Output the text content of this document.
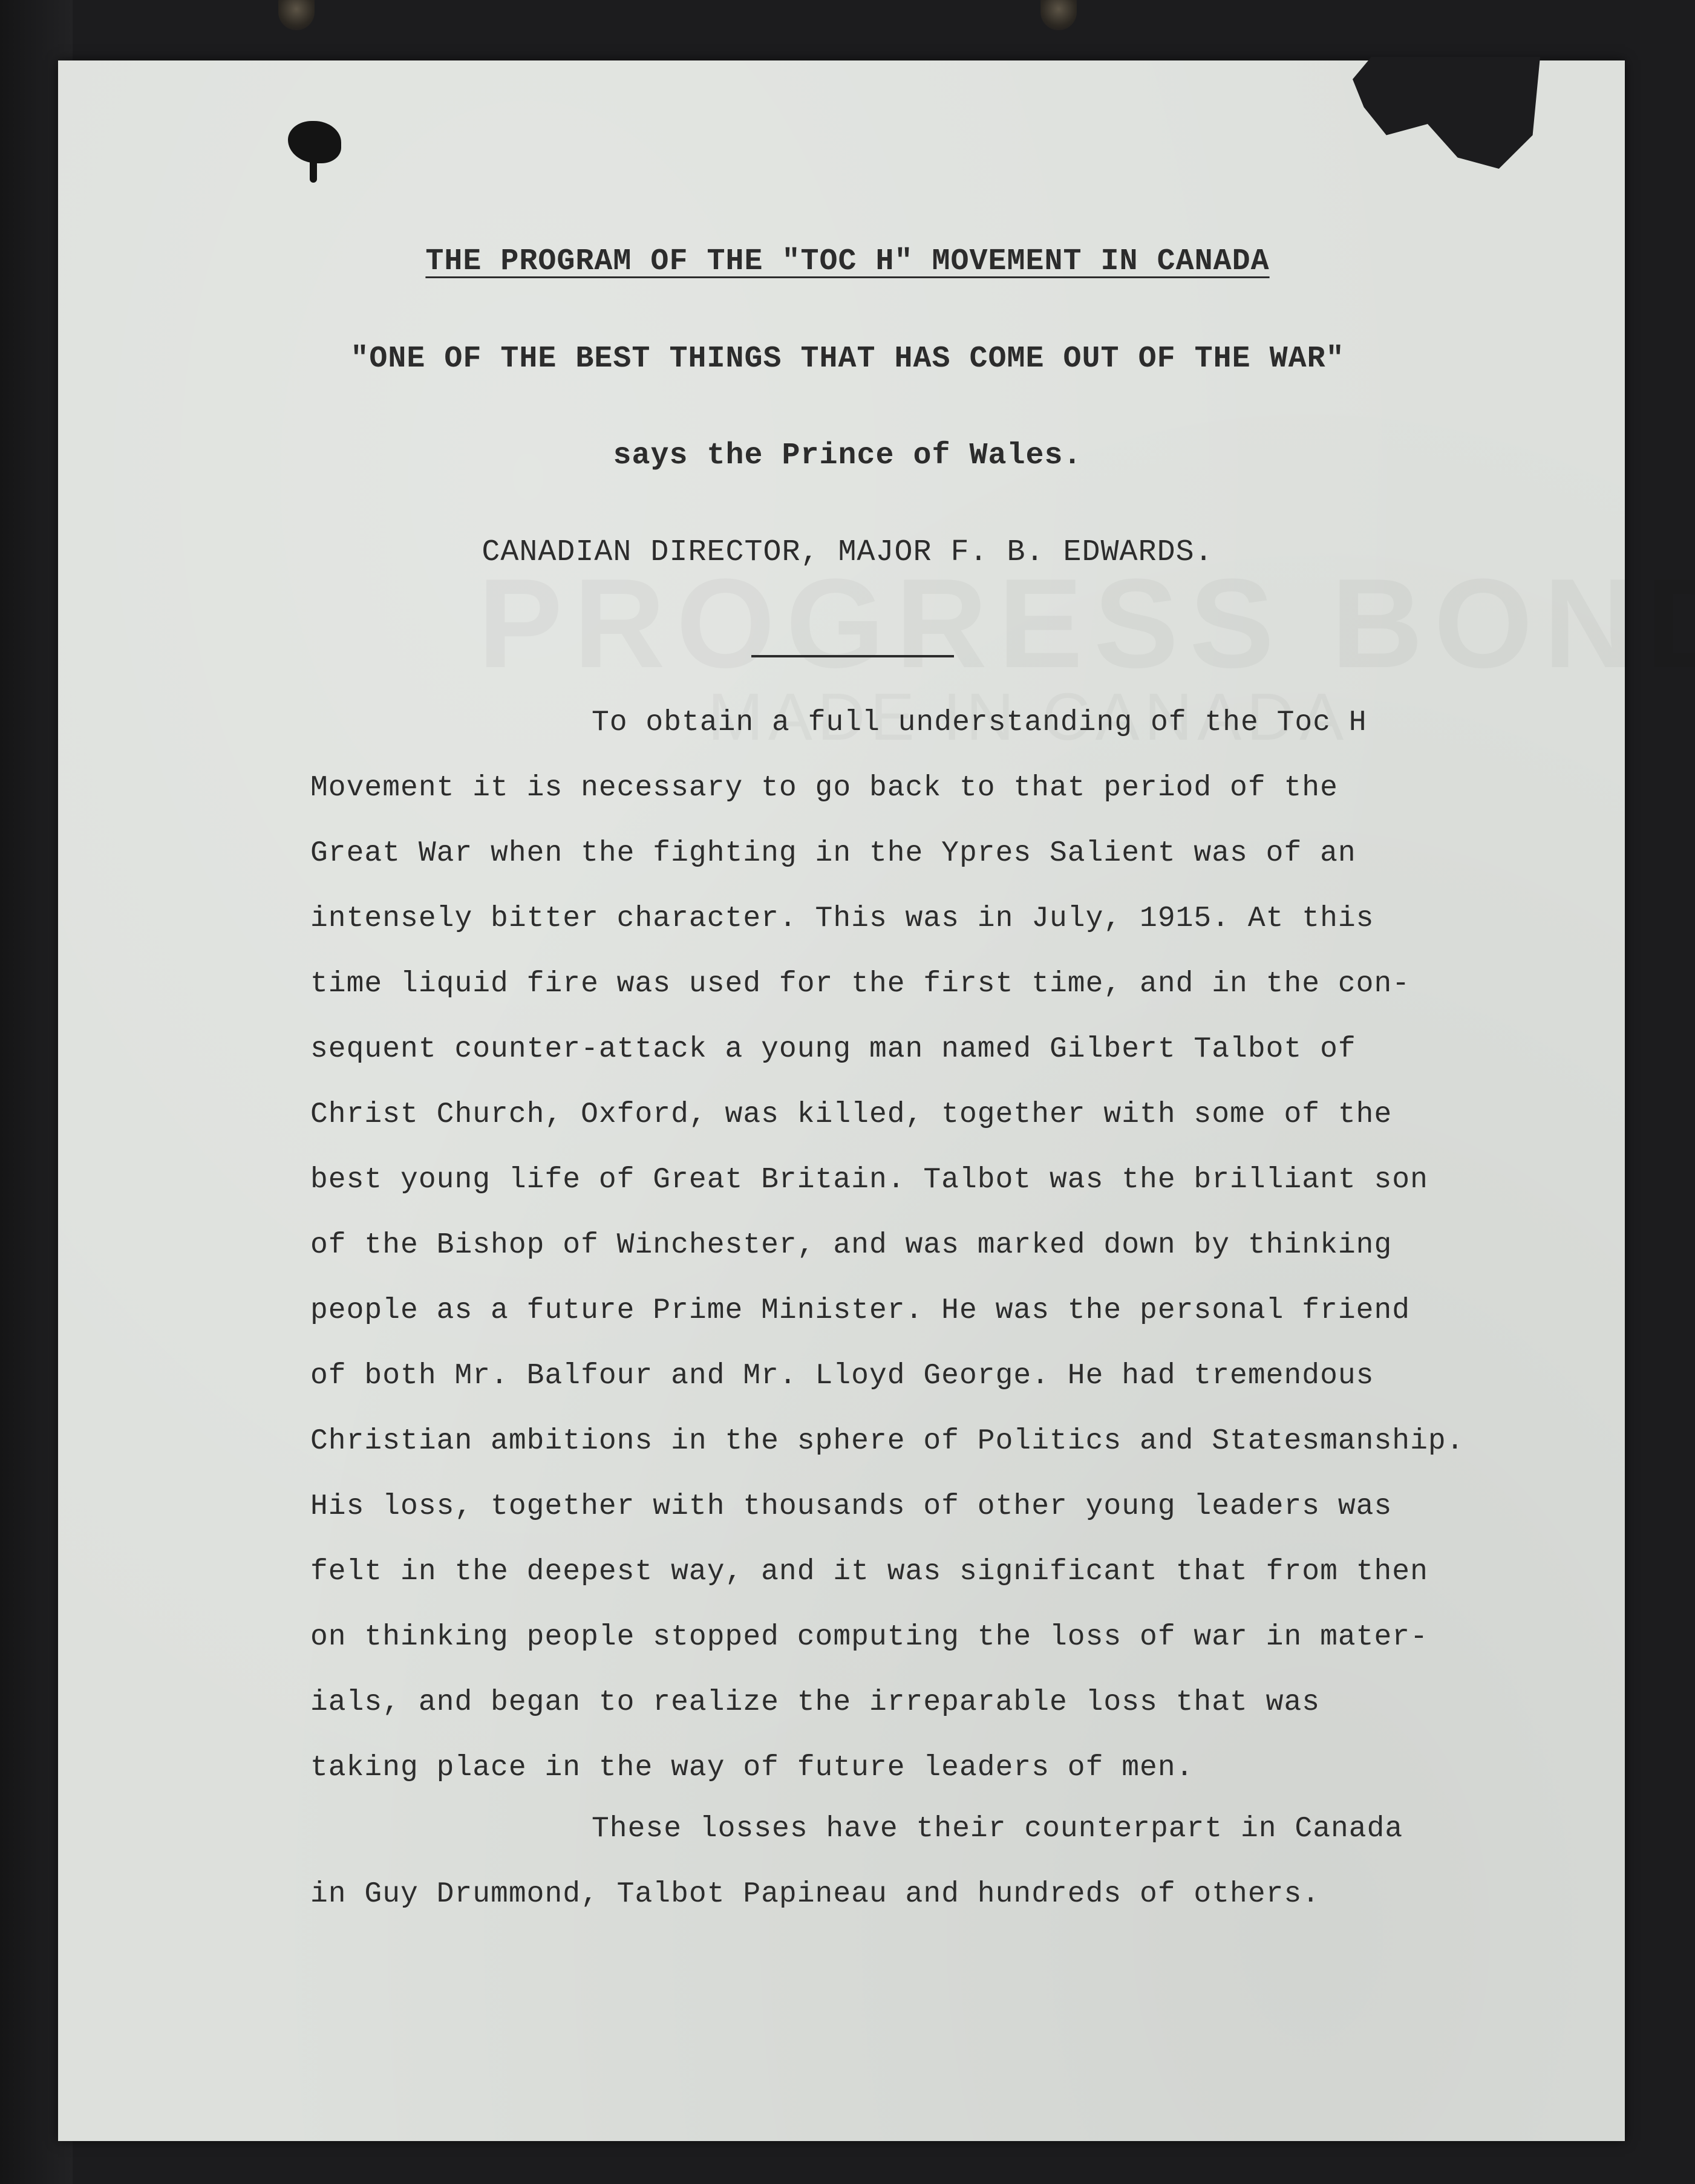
THE PROGRAM OF THE "TOC H" MOVEMENT IN CANADA
"ONE OF THE BEST THINGS THAT HAS COME OUT OF THE WAR"
says the Prince of Wales.
CANADIAN DIRECTOR, MAJOR F. B. EDWARDS.
To obtain a full understanding of the Toc H
Movement it is necessary to go back to that period of the
Great War when the fighting in the Ypres Salient was of an
intensely bitter character. This was in July, 1915. At this
time liquid fire was used for the first time, and in the con-
sequent counter-attack a young man named Gilbert Talbot of
Christ Church, Oxford, was killed, together with some of the
best young life of Great Britain. Talbot was the brilliant son
of the Bishop of Winchester, and was marked down by thinking
people as a future Prime Minister. He was the personal friend
of both Mr. Balfour and Mr. Lloyd George. He had tremendous
Christian ambitions in the sphere of Politics and Statesmanship.
His loss, together with thousands of other young leaders was
felt in the deepest way, and it was significant that from then
on thinking people stopped computing the loss of war in mater-
ials, and began to realize the irreparable loss that was
taking place in the way of future leaders of men.
These losses have their counterpart in Canada
in Guy Drummond, Talbot Papineau and hundreds of others.
